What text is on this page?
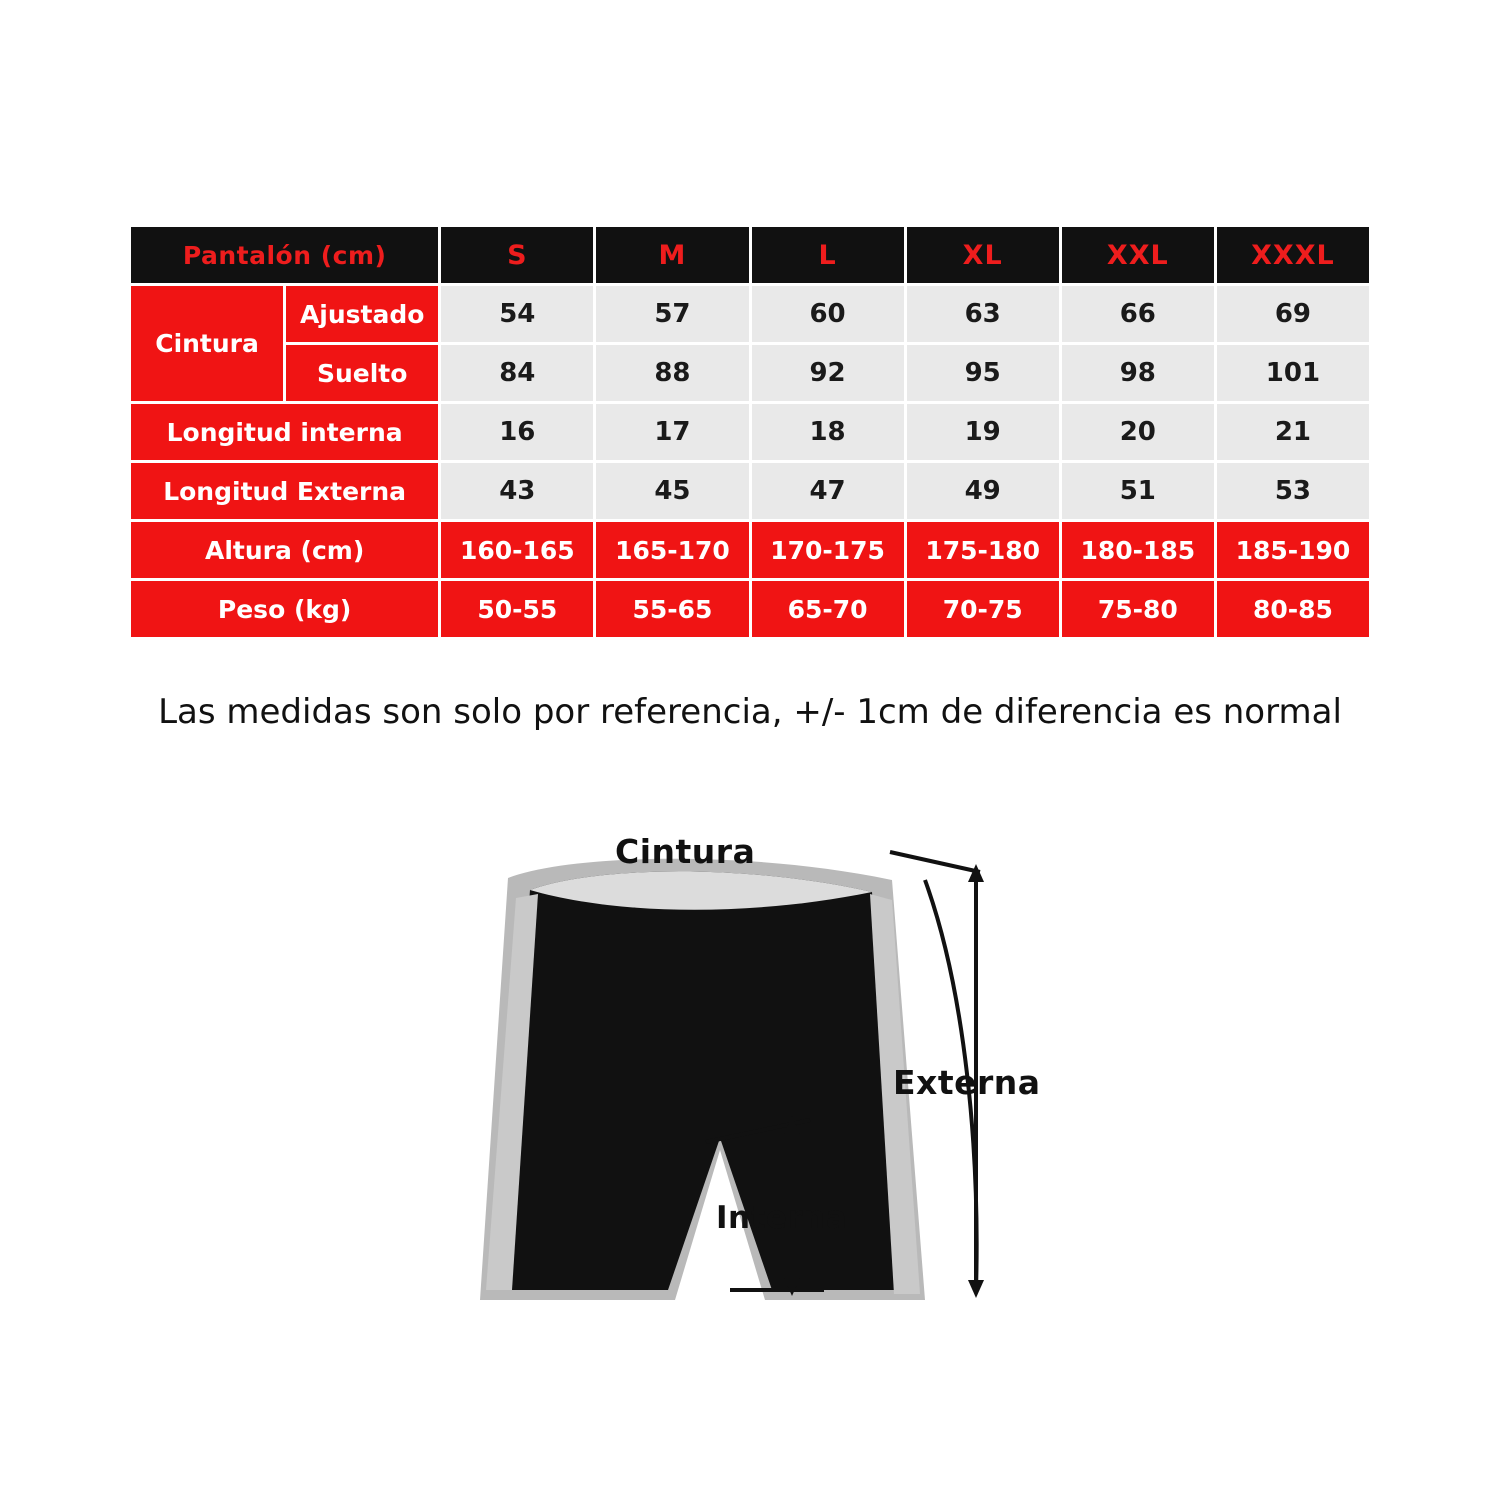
Pantalón (cm)		S	M	L	XL	XXL	XXXL
Cintura	Ajustado	54	57	60	63	66	69
	Suelto	84	88	92	95	98	101
Longitud interna		16	17	18	19	20	21
Longitud Externa		43	45	47	49	51	53
Altura (cm)		160-165	165-170	170-175	175-180	180-185	185-190
Peso (kg)		50-55	55-65	65-70	70-75	75-80	80-85
Las medidas son solo por referencia, +/- 1cm de diferencia es normal
Cintura
Externa
Interna
